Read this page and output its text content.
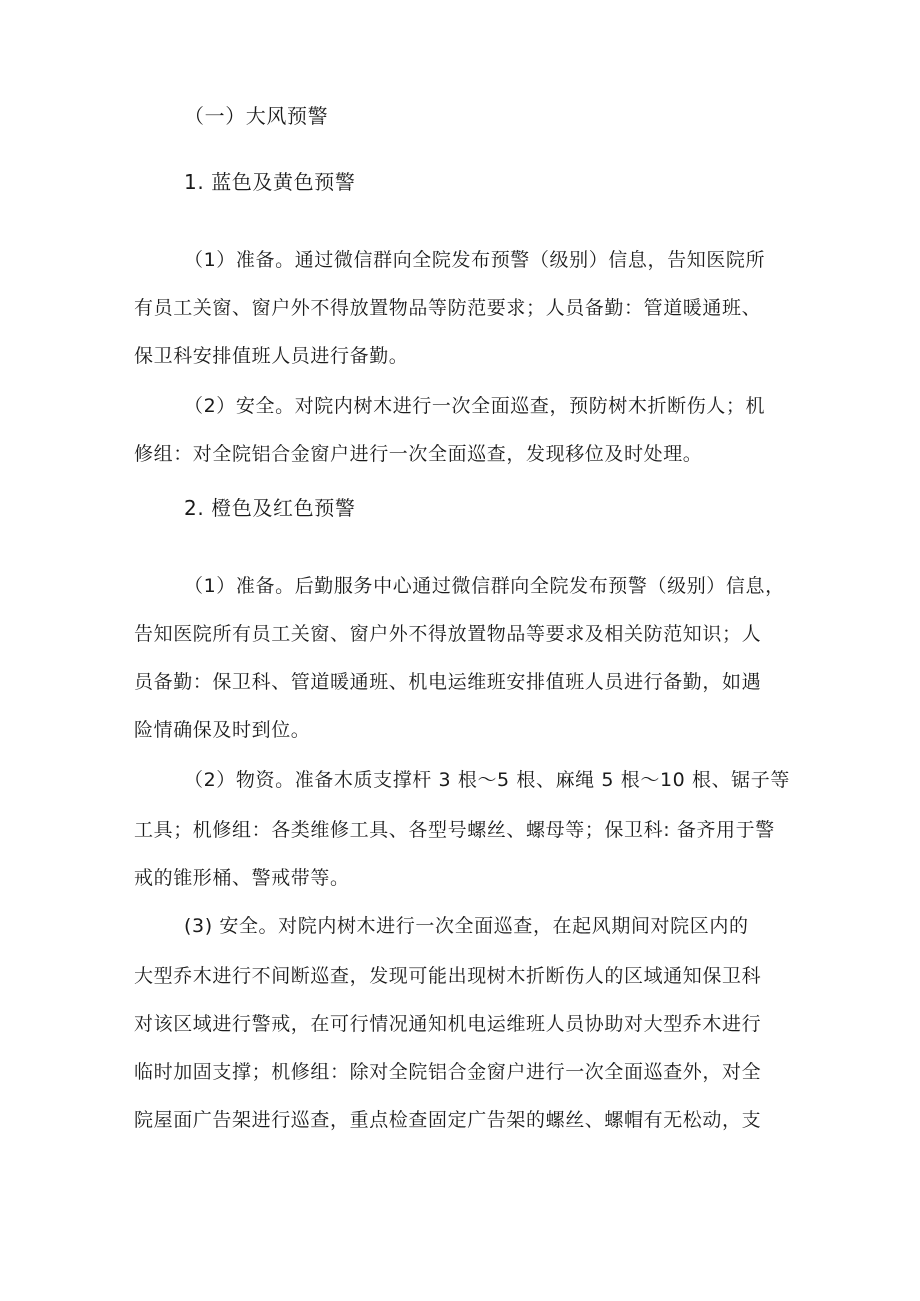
（一）大风预警
1. 蓝色及黄色预警
（1）准备。通过微信群向全院发布预警（级别）信息，告知医院所
有员工关窗、窗户外不得放置物品等防范要求；人员备勤：管道暖通班、
保卫科安排值班人员进行备勤。
（2）安全。对院内树木进行一次全面巡查，预防树木折断伤人；机
修组：对全院铝合金窗户进行一次全面巡查，发现移位及时处理。
2. 橙色及红色预警
（1）准备。后勤服务中心通过微信群向全院发布预警（级别）信息，
告知医院所有员工关窗、窗户外不得放置物品等要求及相关防范知识；人
员备勤：保卫科、管道暖通班、机电运维班安排值班人员进行备勤，如遇
险情确保及时到位。
（2）物资。准备木质支撑杆 3 根～5 根、麻绳 5 根～10 根、锯子等
工具；机修组：各类维修工具、各型号螺丝、螺母等；保卫科: 备齐用于警
戒的锥形桶、警戒带等。
(3) 安全。对院内树木进行一次全面巡查，在起风期间对院区内的
大型乔木进行不间断巡查，发现可能出现树木折断伤人的区域通知保卫科
对该区域进行警戒，在可行情况通知机电运维班人员协助对大型乔木进行
临时加固支撑；机修组：除对全院铝合金窗户进行一次全面巡查外，对全
院屋面广告架进行巡查，重点检查固定广告架的螺丝、螺帽有无松动，支
